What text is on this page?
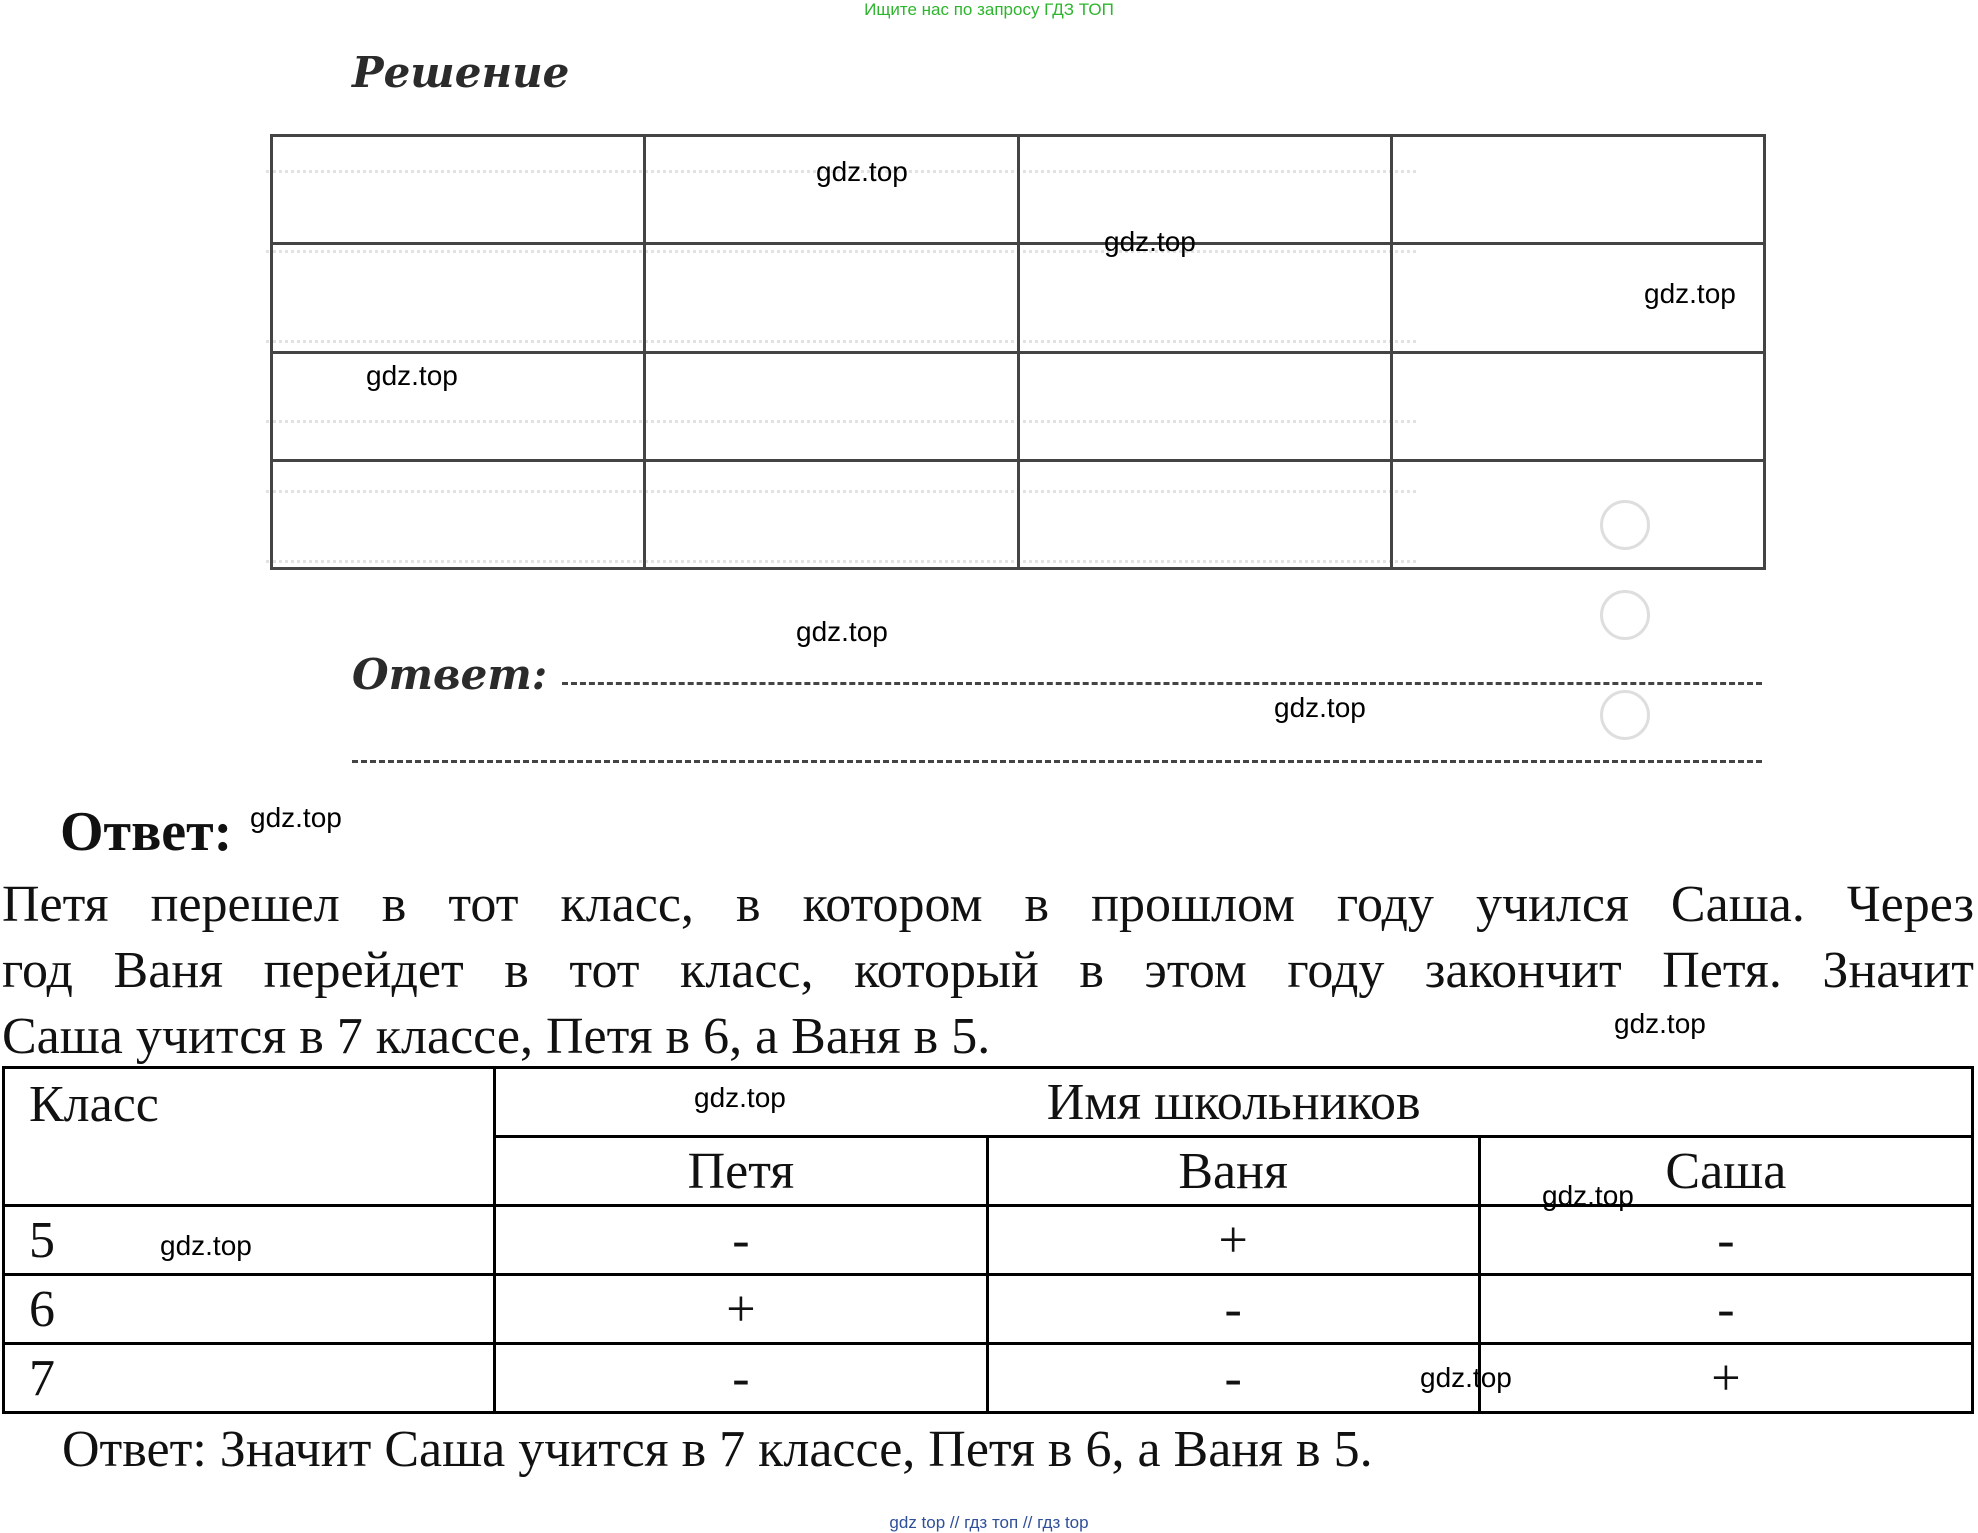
Ищите нас по запросу ГДЗ ТОП
Решение

Ответ:
gdz.top
gdz.top
gdz.top
gdz.top
gdz.top
gdz.top
gdz.top
gdz.top
gdz.top
gdz.top
gdz.top
gdz.top
Ответ:
Петя перешел в тот класс, в котором в прошлом году учился Саша. Через
год Ваня перейдет в тот класс, который в этом году закончит Петя. Значит
Саша учится в 7 классе, Петя в 6, а Ваня в 5.
Класс	Имя школьников		
	Петя	Ваня	Саша
5	-	+	-
6	+	-	-
7	-	-	+
Ответ: Значит Саша учится в 7 классе, Петя в 6, а Ваня в 5.
gdz top // гдз топ // гдз top
